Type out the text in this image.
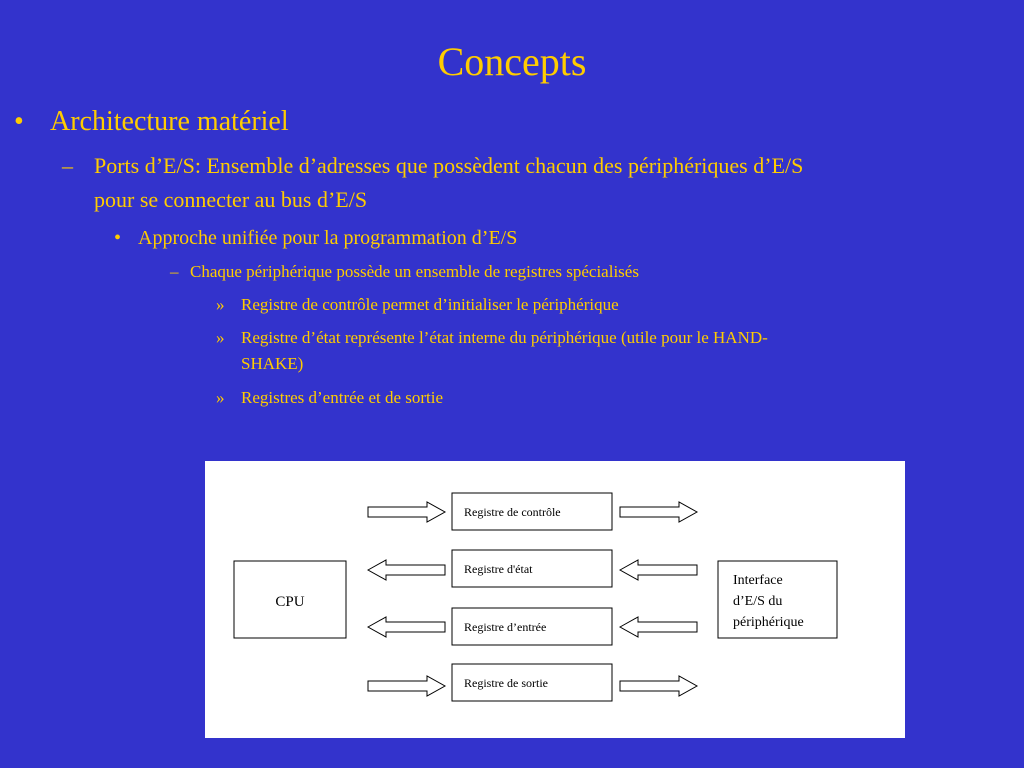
Concepts
• Architecture matériel
– Ports d’E/S: Ensemble d’adresses que possèdent chacun des périphériques d’E/S
pour se connecter au bus d’E/S
• Approche unifiée pour la programmation d’E/S
– Chaque périphérique possède un ensemble de registres spécialisés
» Registre de contrôle permet d’initialiser le périphérique
» Registre d’état représente l’état interne du périphérique (utile pour le HAND-
SHAKE)
» Registres d’entrée et de sortie
CPU
Interface
d’E/S du
périphérique
Registre de contrôle
Registre d'état
Registre d’entrée
Registre de sortie
